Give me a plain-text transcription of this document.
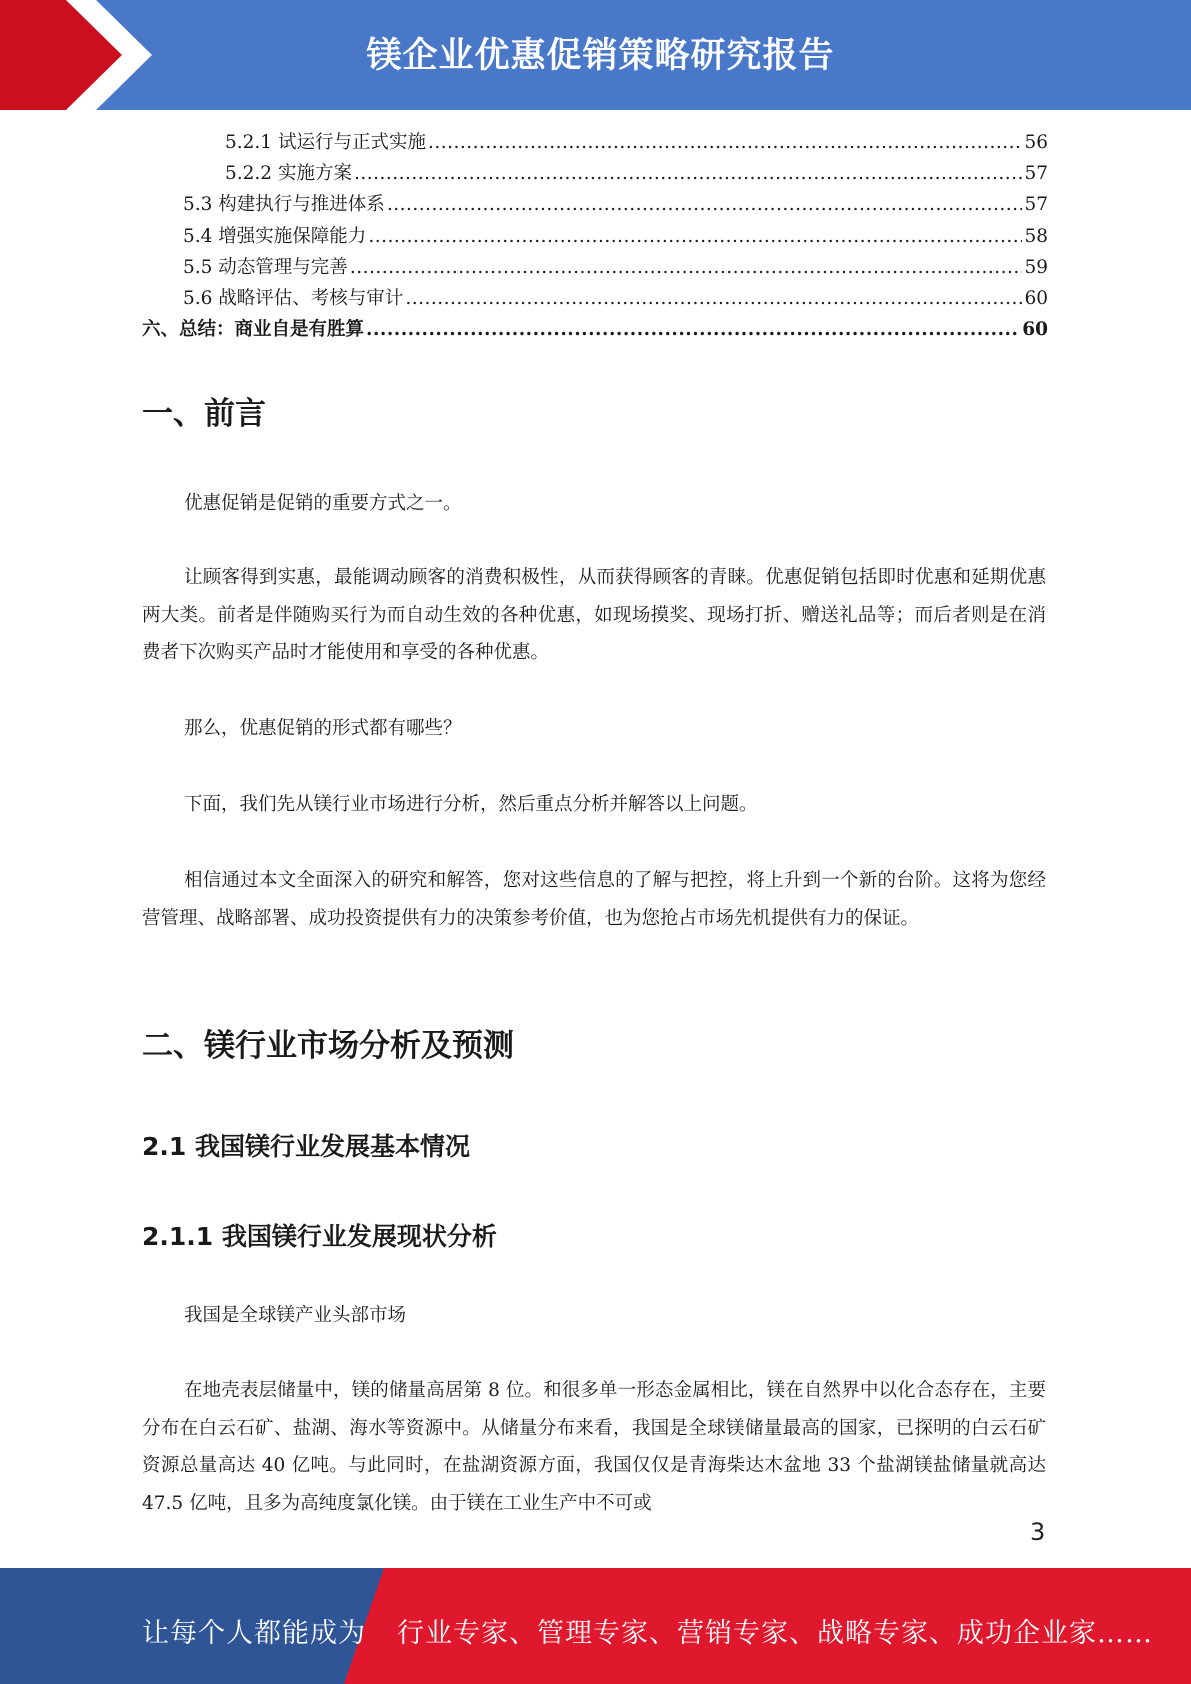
镁企业优惠促销策略研究报告
5.2.1 试运行与正式实施 .....	56
5.2.2 实施方案 .....	57
5.3 构建执行与推进体系 .....	57
5.4 增强实施保障能力 .....	58
5.5 动态管理与完善 .....	59
5.6 战略评估、考核与审计 .....	60
六、总结：商业自是有胜算 .....	60
一、前言

优惠促销是促销的重要方式之一。

让顾客得到实惠，最能调动顾客的消费积极性，从而获得顾客的青睐。优惠促销包括即时优惠和延期优惠两大类。前者是伴随购买行为而自动生效的各种优惠，如现场摸奖、现场打折、赠送礼品等；而后者则是在消费者下次购买产品时才能使用和享受的各种优惠。

那么，优惠促销的形式都有哪些？

下面，我们先从镁行业市场进行分析，然后重点分析并解答以上问题。

相信通过本文全面深入的研究和解答，您对这些信息的了解与把控，将上升到一个新的台阶。这将为您经营管理、战略部署、成功投资提供有力的决策参考价值，也为您抢占市场先机提供有力的保证。

二、镁行业市场分析及预测
2.1 我国镁行业发展基本情况
2.1.1 我国镁行业发展现状分析

我国是全球镁产业头部市场

在地壳表层储量中，镁的储量高居第 8 位。和很多单一形态金属相比，镁在自然界中以化合态存在，主要分布在白云石矿、盐湖、海水等资源中。从储量分布来看，我国是全球镁储量最高的国家，已探明的白云石矿资源总量高达 40 亿吨。与此同时，在盐湖资源方面，我国仅仅是青海柴达木盆地 33 个盐湖镁盐储量就高达 47.5 亿吨，且多为高纯度氯化镁。由于镁在工业生产中不可或

3
让每个人都能成为 行业专家、管理专家、营销专家、战略专家、成功企业家……
